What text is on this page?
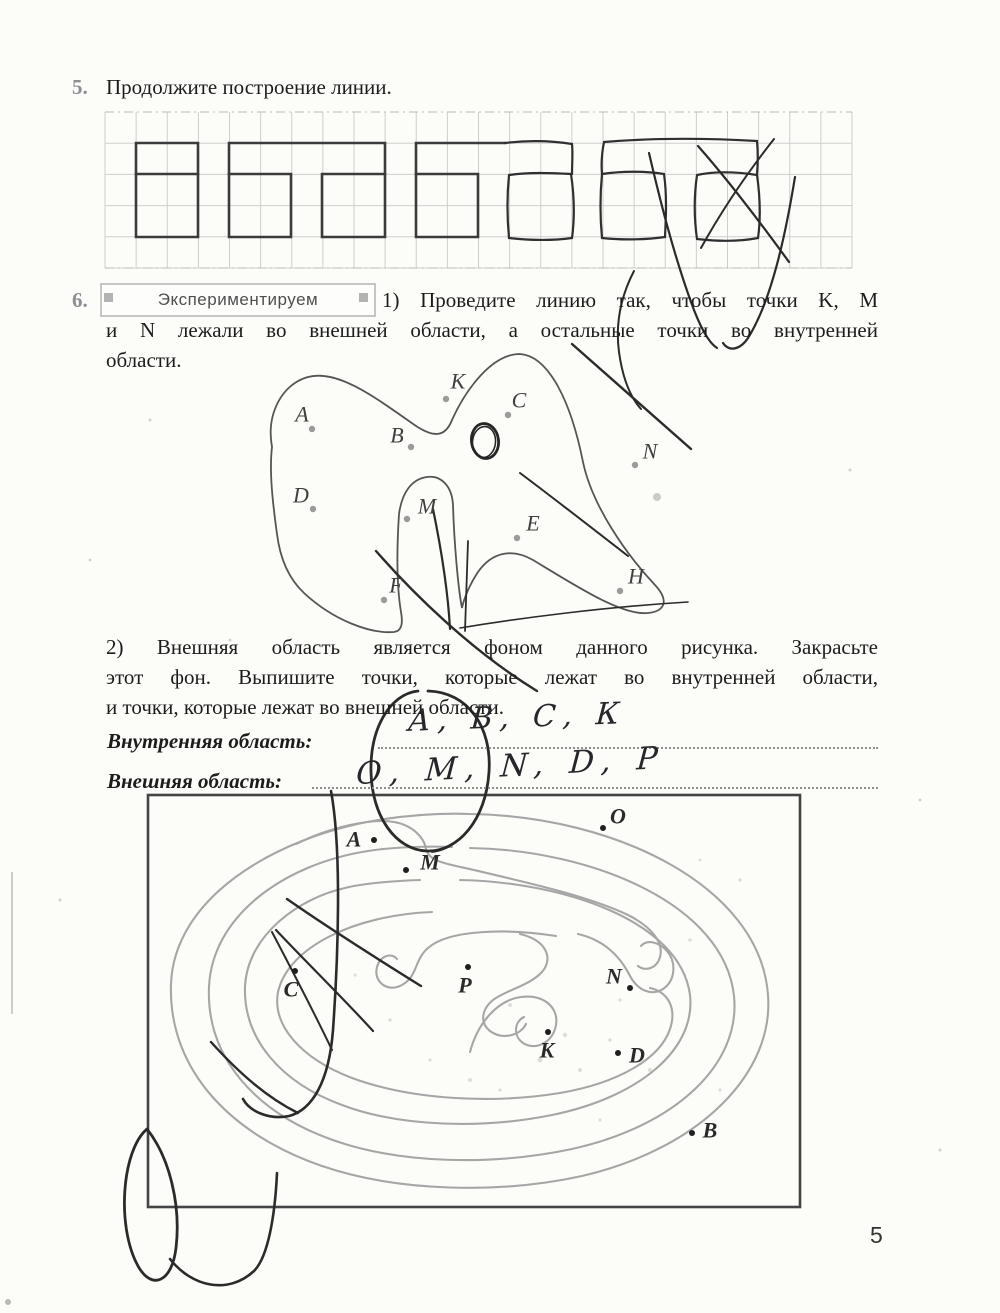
A
B
C
D
E
F	H
K
M
N
A
M
O
C	P	N
K	D
B
5. Продолжите построение линии.
6.	Экспериментируем	1) Проведите линию так, чтобы точки K, M
и N лежали во внешней области, а остальные точки во внутренней
области.
2) Внешняя область является фоном данного рисунка. Закрасьте
этот фон. Выпишите точки, которые лежат во внутренней области,
и точки, которые лежат во внешней области.
Внутренняя область:
А, В, С, К
Внешняя область: О, М, N, D, Р
5
